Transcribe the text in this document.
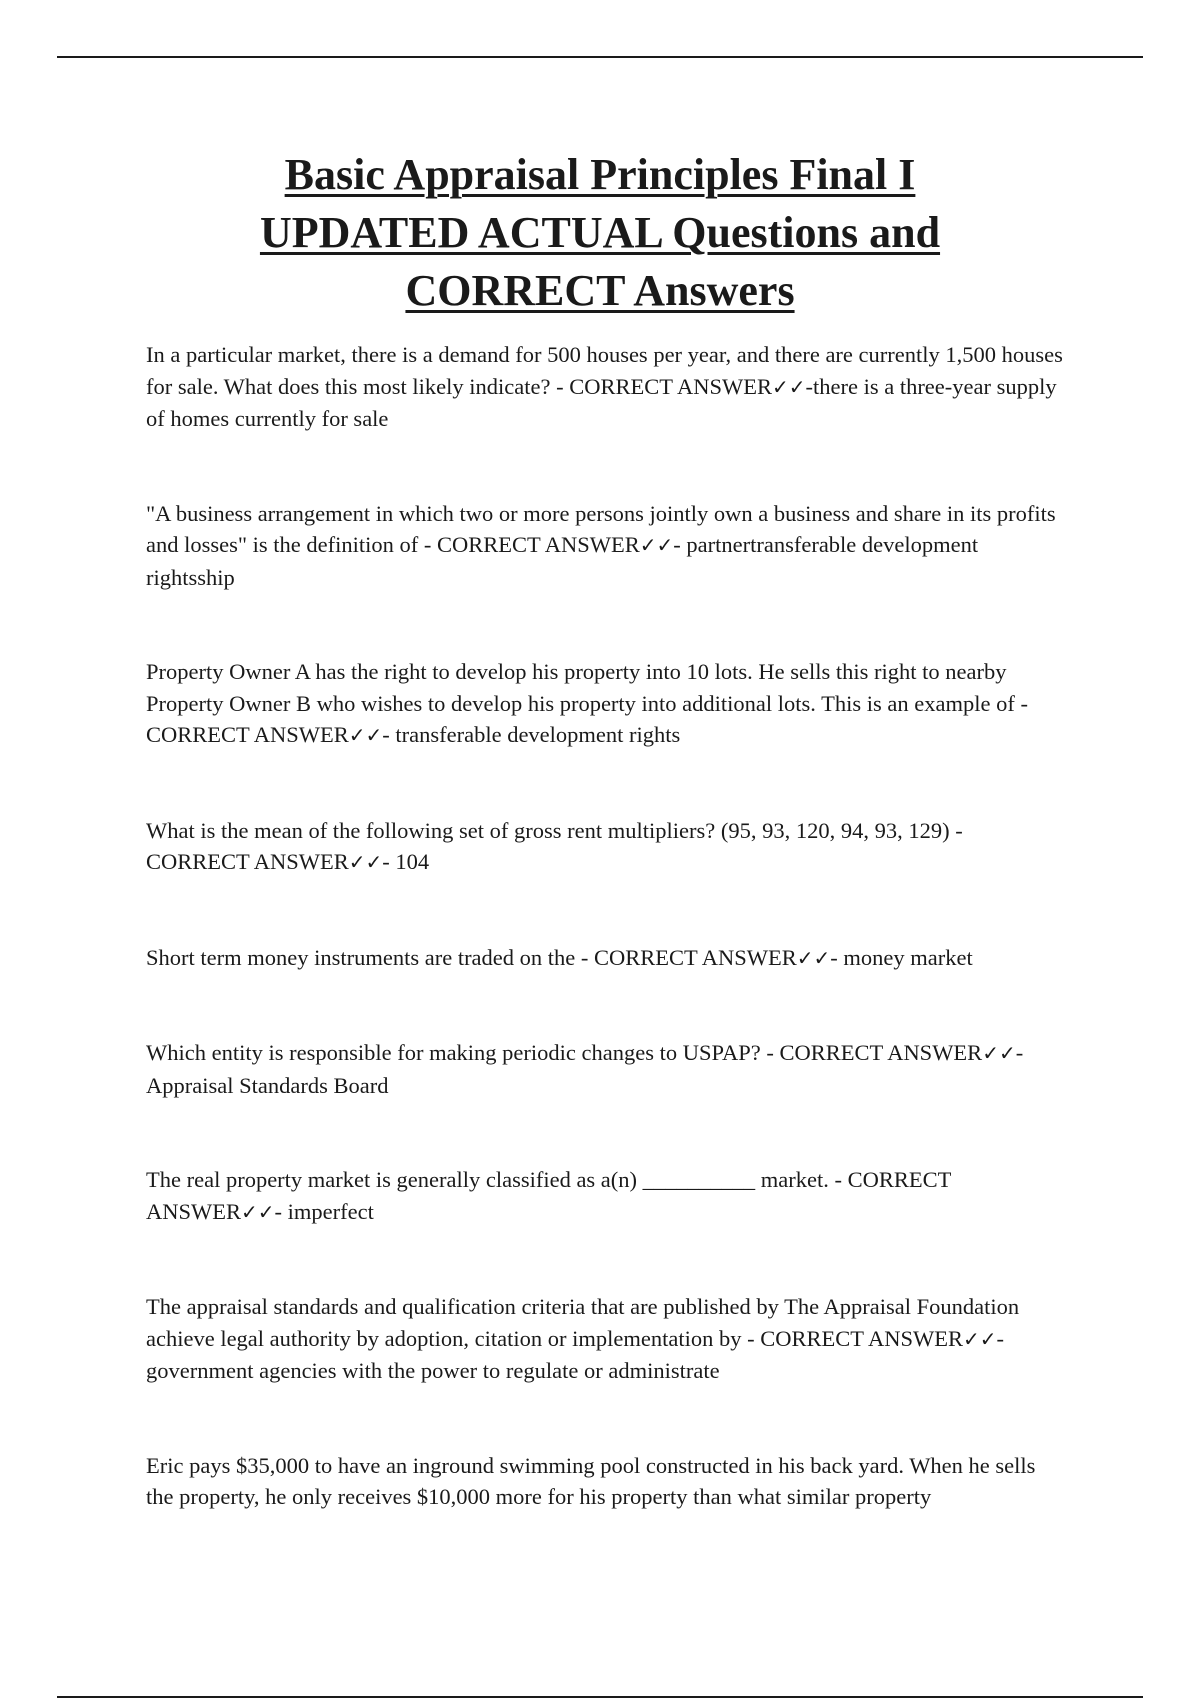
Basic Appraisal Principles Final I
UPDATED ACTUAL Questions and
CORRECT Answers

In a particular market, there is a demand for 500 houses per year, and there are currently 1,500 houses for sale. What does this most likely indicate? - CORRECT ANSWER✓✓-there is a three-year supply of homes currently for sale

"A business arrangement in which two or more persons jointly own a business and share in its profits and losses" is the definition of - CORRECT ANSWER✓✓- partnertransferable development rightsship

Property Owner A has the right to develop his property into 10 lots. He sells this right to nearby Property Owner B who wishes to develop his property into additional lots. This is an example of - CORRECT ANSWER✓✓- transferable development rights

What is the mean of the following set of gross rent multipliers? (95, 93, 120, 94, 93, 129) - CORRECT ANSWER✓✓- 104

Short term money instruments are traded on the - CORRECT ANSWER✓✓- money market

Which entity is responsible for making periodic changes to USPAP? - CORRECT ANSWER✓✓- Appraisal Standards Board

The real property market is generally classified as a(n) __________ market. - CORRECT ANSWER✓✓- imperfect

The appraisal standards and qualification criteria that are published by The Appraisal Foundation achieve legal authority by adoption, citation or implementation by - CORRECT ANSWER✓✓- government agencies with the power to regulate or administrate

Eric pays $35,000 to have an inground swimming pool constructed in his back yard. When he sells the property, he only receives $10,000 more for his property than what similar property
